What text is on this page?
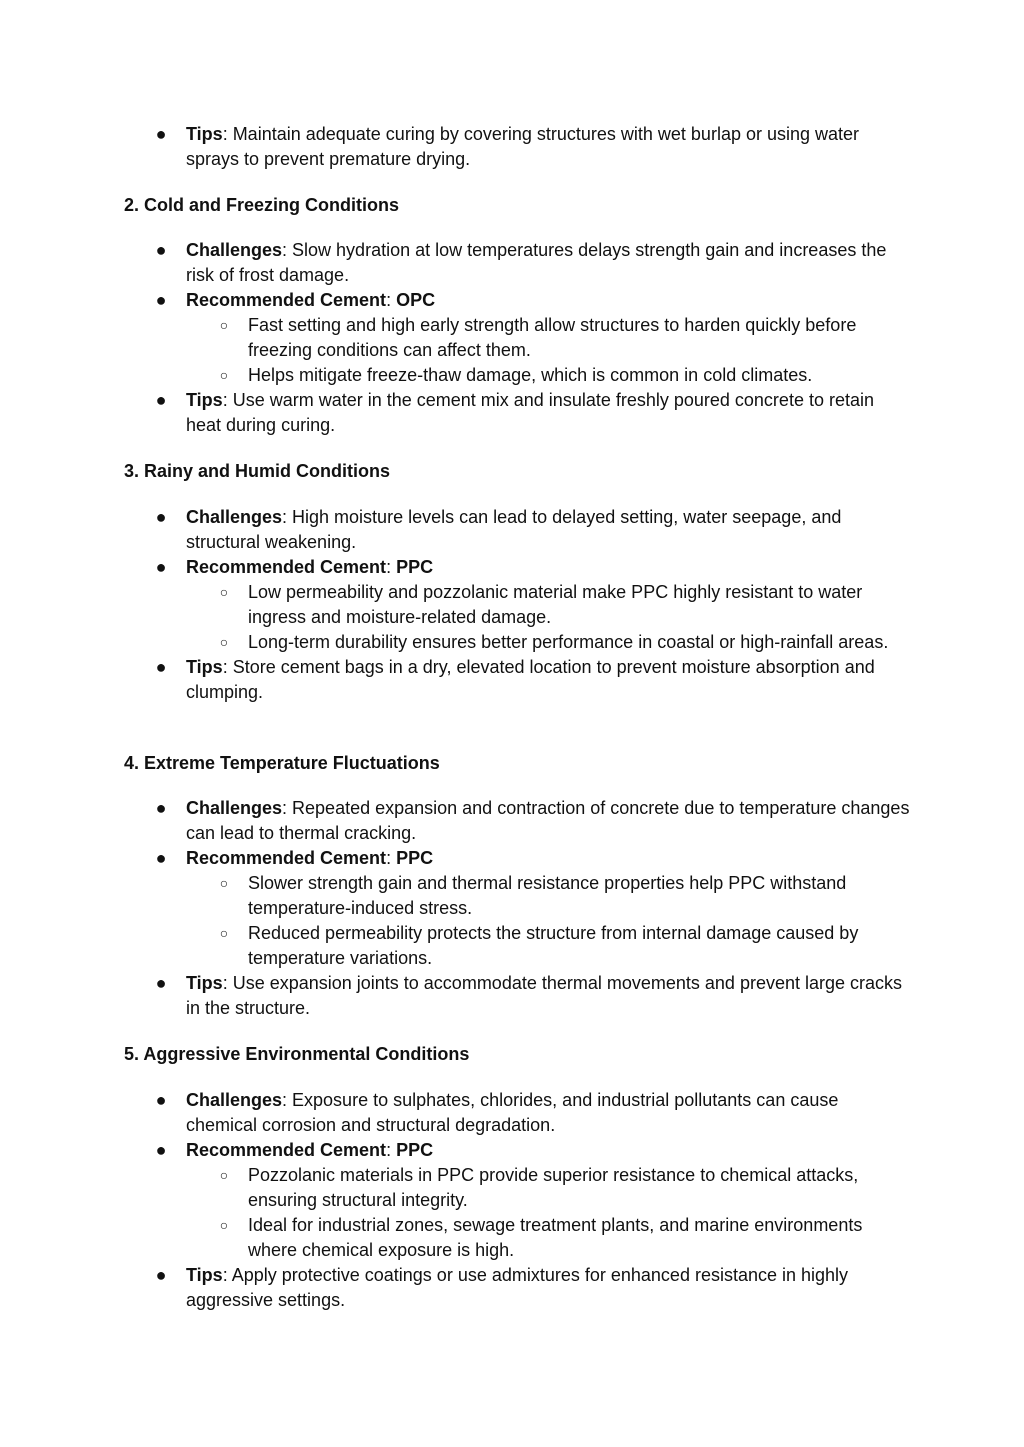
● Tips: Maintain adequate curing by covering structures with wet burlap or using water sprays to prevent premature drying.

2. Cold and Freezing Conditions

● Challenges: Slow hydration at low temperatures delays strength gain and increases the risk of frost damage.
● Recommended Cement: OPC
○ Fast setting and high early strength allow structures to harden quickly before freezing conditions can affect them.
○ Helps mitigate freeze-thaw damage, which is common in cold climates.
● Tips: Use warm water in the cement mix and insulate freshly poured concrete to retain heat during curing.

3. Rainy and Humid Conditions

● Challenges: High moisture levels can lead to delayed setting, water seepage, and structural weakening.
● Recommended Cement: PPC
○ Low permeability and pozzolanic material make PPC highly resistant to water ingress and moisture-related damage.
○ Long-term durability ensures better performance in coastal or high-rainfall areas.
● Tips: Store cement bags in a dry, elevated location to prevent moisture absorption and clumping.

4. Extreme Temperature Fluctuations

● Challenges: Repeated expansion and contraction of concrete due to temperature changes can lead to thermal cracking.
● Recommended Cement: PPC
○ Slower strength gain and thermal resistance properties help PPC withstand temperature-induced stress.
○ Reduced permeability protects the structure from internal damage caused by temperature variations.
● Tips: Use expansion joints to accommodate thermal movements and prevent large cracks in the structure.

5. Aggressive Environmental Conditions

● Challenges: Exposure to sulphates, chlorides, and industrial pollutants can cause chemical corrosion and structural degradation.
● Recommended Cement: PPC
○ Pozzolanic materials in PPC provide superior resistance to chemical attacks, ensuring structural integrity.
○ Ideal for industrial zones, sewage treatment plants, and marine environments where chemical exposure is high.
● Tips: Apply protective coatings or use admixtures for enhanced resistance in highly aggressive settings.
